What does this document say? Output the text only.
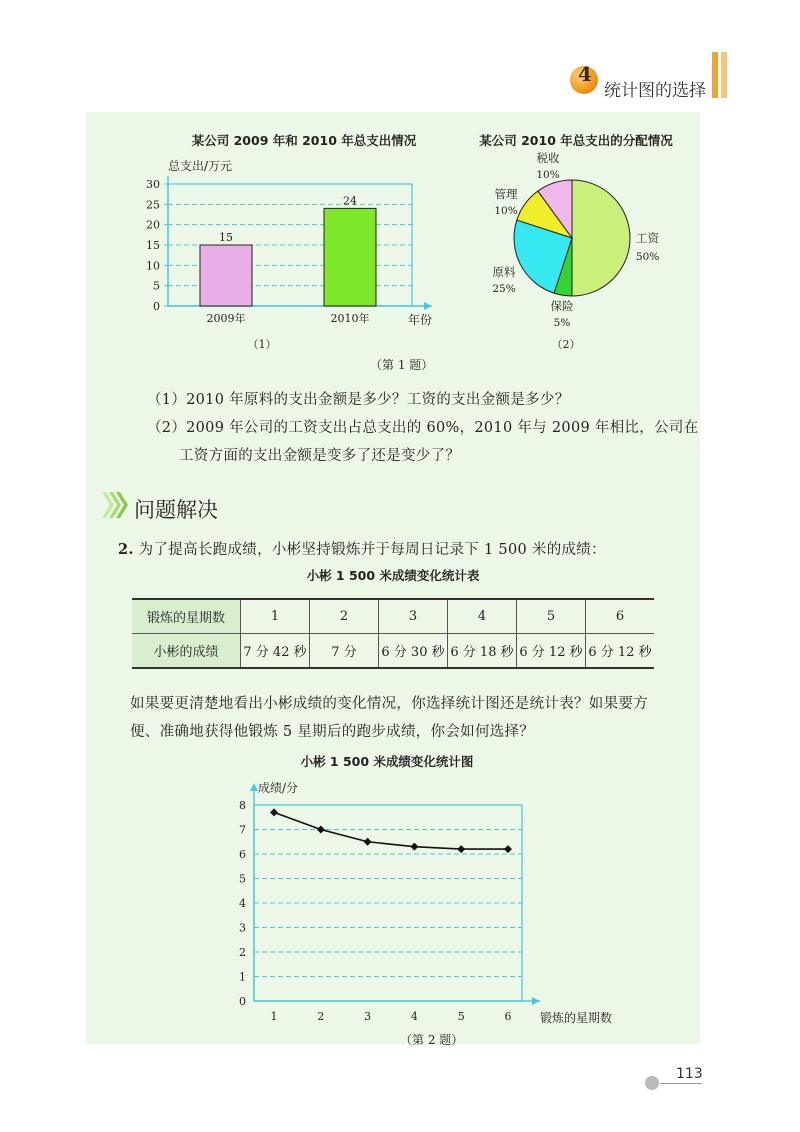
4
统计图的选择
某公司 2009 年和 2010 年总支出情况
总支出/万元
0
5
10
15
20
25
30
15
2009年
24
2010年	年份
（1）
某公司 2010 年总支出的分配情况
工资
50%
保险
5%
原料
25%
管理
10%
税收
10%
（2）
（第 1 题）
（1）2010 年原料的支出金额是多少？工资的支出金额是多少？
（2）2009 年公司的工资支出占总支出的 60%，2010 年与 2009 年相比，公司在
工资方面的支出金额是变多了还是变少了？
问题解决
2. 为了提高长跑成绩，小彬坚持锻炼并于每周日记录下 1 500 米的成绩：
小彬 1 500 米成绩变化统计表
锻炼的星期数	1	2	3	4	5	6
小彬的成绩	7 分 42 秒	7 分	6 分 30 秒	6 分 18 秒	6 分 12 秒	6 分 12 秒
如果要更清楚地看出小彬成绩的变化情况，你选择统计图还是统计表？如果要方
便、准确地获得他锻炼 5 星期后的跑步成绩，你会如何选择？
小彬 1 500 米成绩变化统计图
成绩/分
0
1
2
3
4
5
6
7
8
1	2	3	4	5	6 锻炼的星期数
（第 2 题）
113
